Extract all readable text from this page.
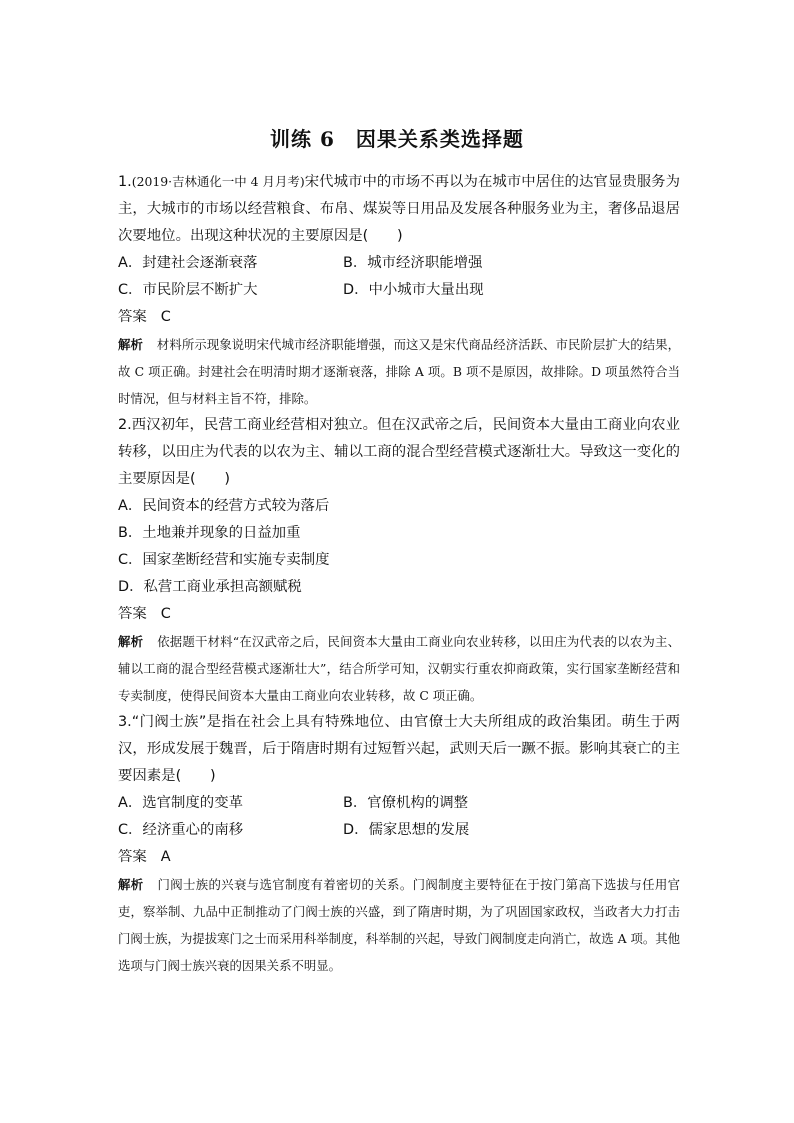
训练 6　因果关系类选择题

1.(2019·吉林通化一中 4 月月考)宋代城市中的市场不再以为在城市中居住的达官显贵服务为主，大城市的市场以经营粮食、布帛、煤炭等日用品及发展各种服务业为主，奢侈品退居次要地位。出现这种状况的主要原因是(　　)

A．封建社会逐渐衰落	B．城市经济职能增强
C．市民阶层不断扩大	D．中小城市大量出现
答案 C

解析 材料所示现象说明宋代城市经济职能增强，而这又是宋代商品经济活跃、市民阶层扩大的结果，故 C 项正确。封建社会在明清时期才逐渐衰落，排除 A 项。B 项不是原因，故排除。D 项虽然符合当时情况，但与材料主旨不符，排除。

2.西汉初年，民营工商业经营相对独立。但在汉武帝之后，民间资本大量由工商业向农业转移，以田庄为代表的以农为主、辅以工商的混合型经营模式逐渐壮大。导致这一变化的主要原因是(　　)

A．民间资本的经营方式较为落后
B．土地兼并现象的日益加重
C．国家垄断经营和实施专卖制度
D．私营工商业承担高额赋税
答案 C

解析 依据题干材料“在汉武帝之后，民间资本大量由工商业向农业转移，以田庄为代表的以农为主、辅以工商的混合型经营模式逐渐壮大”，结合所学可知，汉朝实行重农抑商政策，实行国家垄断经营和专卖制度，使得民间资本大量由工商业向农业转移，故 C 项正确。

3.“门阀士族”是指在社会上具有特殊地位、由官僚士大夫所组成的政治集团。萌生于两汉，形成发展于魏晋，后于隋唐时期有过短暂兴起，武则天后一蹶不振。影响其衰亡的主要因素是(　　)

A．选官制度的变革	B．官僚机构的调整
C．经济重心的南移	D．儒家思想的发展
答案 A

解析 门阀士族的兴衰与选官制度有着密切的关系。门阀制度主要特征在于按门第高下选拔与任用官吏，察举制、九品中正制推动了门阀士族的兴盛，到了隋唐时期，为了巩固国家政权，当政者大力打击门阀士族，为提拔寒门之士而采用科举制度，科举制的兴起，导致门阀制度走向消亡，故选 A 项。其他选项与门阀士族兴衰的因果关系不明显。
